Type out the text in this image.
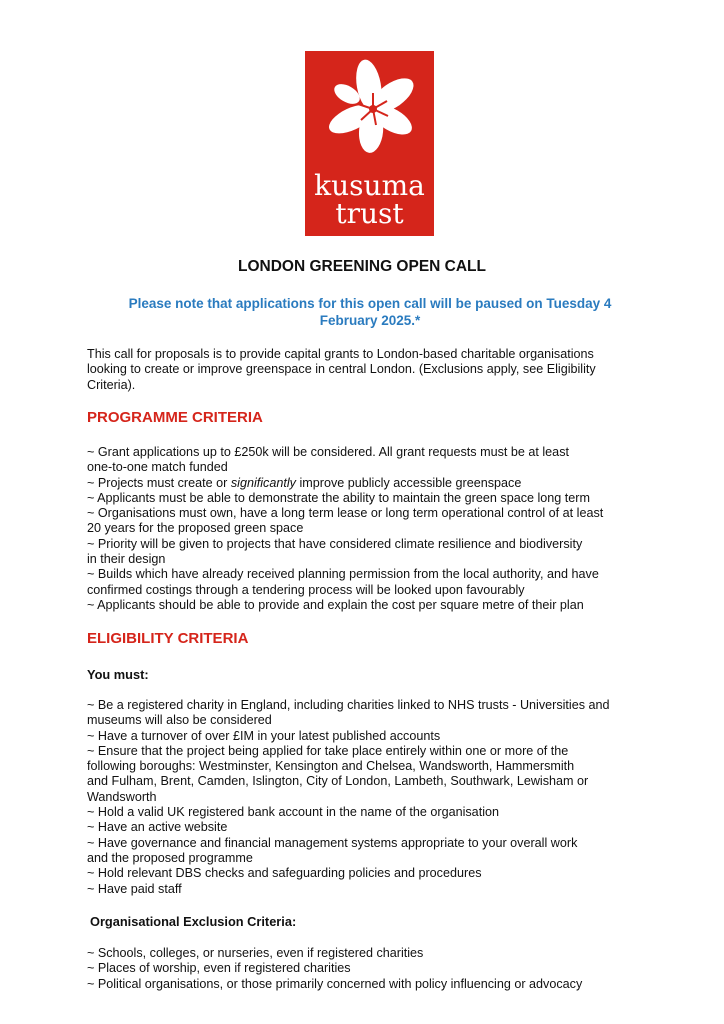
kusuma
trust
LONDON GREENING OPEN CALL
Please note that applications for this open call will be paused on Tuesday 4 February 2025.*

This call for proposals is to provide capital grants to London-based charitable organisations

looking to create or improve greenspace in central London. (Exclusions apply, see Eligibility

Criteria).

PROGRAMME CRITERIA

~ Grant applications up to £250k will be considered. All grant requests must be at least

one-to-one match funded

~ Projects must create or significantly improve publicly accessible greenspace

~ Applicants must be able to demonstrate the ability to maintain the green space long term

~ Organisations must own, have a long term lease or long term operational control of at least

20 years for the proposed green space

~ Priority will be given to projects that have considered climate resilience and biodiversity

in their design

~ Builds which have already received planning permission from the local authority, and have

confirmed costings through a tendering process will be looked upon favourably

~ Applicants should be able to provide and explain the cost per square metre of their plan

ELIGIBILITY CRITERIA
You must:

~ Be a registered charity in England, including charities linked to NHS trusts - Universities and

museums will also be considered

~ Have a turnover of over £IM in your latest published accounts

~ Ensure that the project being applied for take place entirely within one or more of the

following boroughs: Westminster, Kensington and Chelsea, Wandsworth, Hammersmith

and Fulham, Brent, Camden, Islington, City of London, Lambeth, Southwark, Lewisham or

Wandsworth

~ Hold a valid UK registered bank account in the name of the organisation

~ Have an active website

~ Have governance and financial management systems appropriate to your overall work

and the proposed programme

~ Hold relevant DBS checks and safeguarding policies and procedures

~ Have paid staff

Organisational Exclusion Criteria:

~ Schools, colleges, or nurseries, even if registered charities

~ Places of worship, even if registered charities

~ Political organisations, or those primarily concerned with policy influencing or advocacy
